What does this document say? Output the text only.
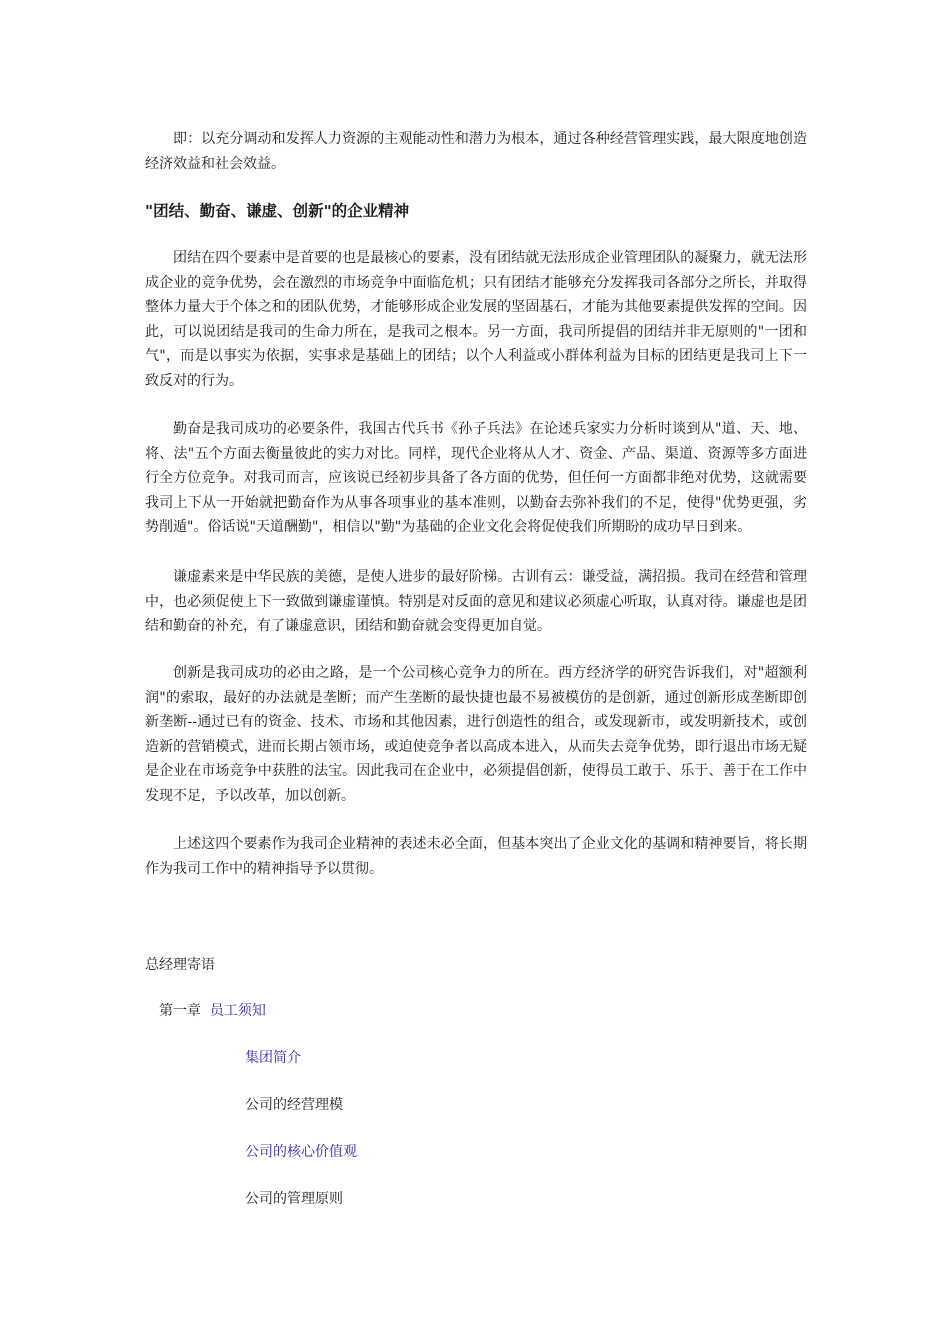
即：以充分调动和发挥人力资源的主观能动性和潜力为根本，通过各种经营管理实践，最大限度地创造经济效益和社会效益。

"团结、勤奋、谦虚、创新"的企业精神

团结在四个要素中是首要的也是最核心的要素，没有团结就无法形成企业管理团队的凝聚力，就无法形成企业的竞争优势，会在激烈的市场竞争中面临危机；只有团结才能够充分发挥我司各部分之所长，并取得整体力量大于个体之和的团队优势，才能够形成企业发展的坚固基石，才能为其他要素提供发挥的空间。因此，可以说团结是我司的生命力所在，是我司之根本。另一方面，我司所提倡的团结并非无原则的"一团和气"，而是以事实为依据，实事求是基础上的团结；以个人利益或小群体利益为目标的团结更是我司上下一致反对的行为。

勤奋是我司成功的必要条件，我国古代兵书《孙子兵法》在论述兵家实力分析时谈到从"道、天、地、将、法"五个方面去衡量彼此的实力对比。同样，现代企业将从人才、资金、产品、渠道、资源等多方面进行全方位竞争。对我司而言，应该说已经初步具备了各方面的优势，但任何一方面都非绝对优势，这就需要我司上下从一开始就把勤奋作为从事各项事业的基本准则，以勤奋去弥补我们的不足，使得"优势更强，劣势削遁"。俗话说"天道酬勤"，相信以"勤"为基础的企业文化会将促使我们所期盼的成功早日到来。

谦虚素来是中华民族的美德，是使人进步的最好阶梯。古训有云：谦受益，满招损。我司在经营和管理中，也必须促使上下一致做到谦虚谨慎。特别是对反面的意见和建议必须虚心听取，认真对待。谦虚也是团结和勤奋的补充，有了谦虚意识，团结和勤奋就会变得更加自觉。

创新是我司成功的必由之路，是一个公司核心竞争力的所在。西方经济学的研究告诉我们，对"超额利润"的索取，最好的办法就是垄断；而产生垄断的最快捷也最不易被模仿的是创新，通过创新形成垄断即创新垄断--通过已有的资金、技术、市场和其他因素，进行创造性的组合，或发现新市，或发明新技术，或创造新的营销模式，进而长期占领市场，或迫使竞争者以高成本进入，从而失去竞争优势，即行退出市场无疑是企业在市场竞争中获胜的法宝。因此我司在企业中，必须提倡创新，使得员工敢于、乐于、善于在工作中发现不足，予以改革，加以创新。

上述这四个要素作为我司企业精神的表述未必全面，但基本突出了企业文化的基调和精神要旨，将长期作为我司工作中的精神指导予以贯彻。

总经理寄语
第一章 员工须知
集团简介
公司的经营理模
公司的核心价值观
公司的管理原则
